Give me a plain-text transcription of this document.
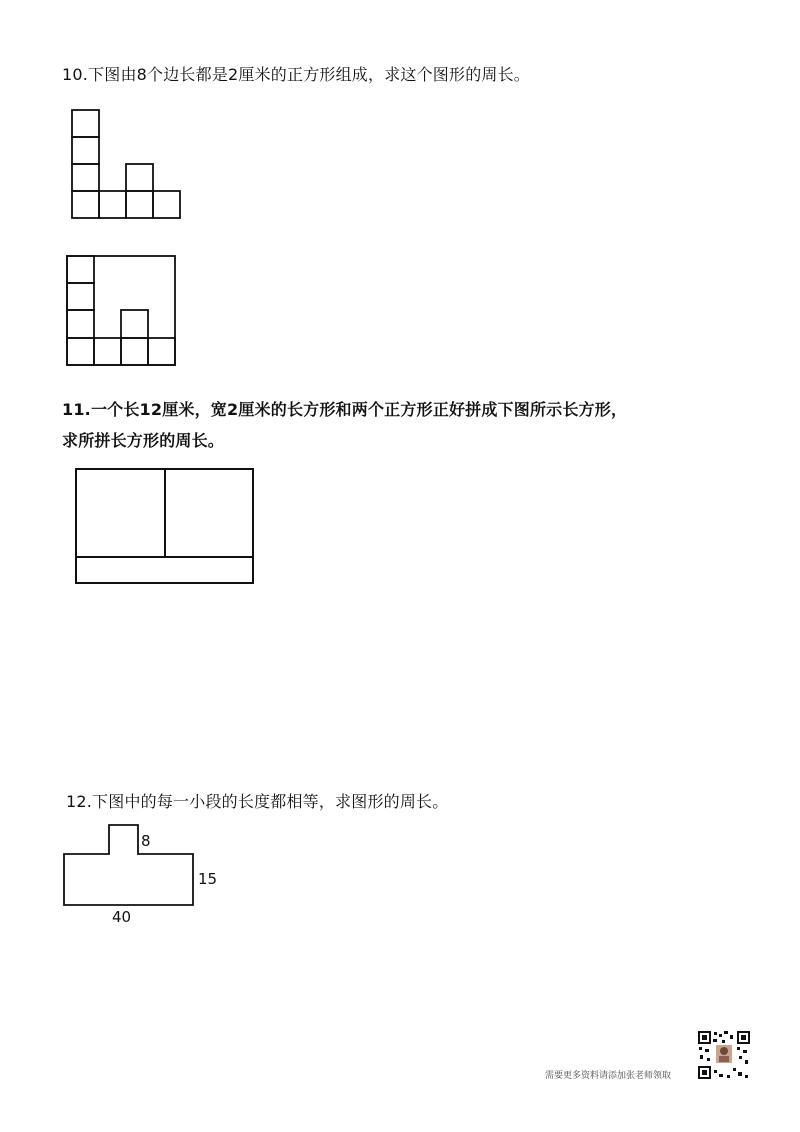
10.下图由8个边长都是2厘米的正方形组成，求这个图形的周长。
11.一个长12厘米，宽2厘米的长方形和两个正方形正好拼成下图所示长方形，
求所拼长方形的周长。
12.下图中的每一小段的长度都相等，求图形的周长。
8
15
40
需要更多资料请添加张老师领取
